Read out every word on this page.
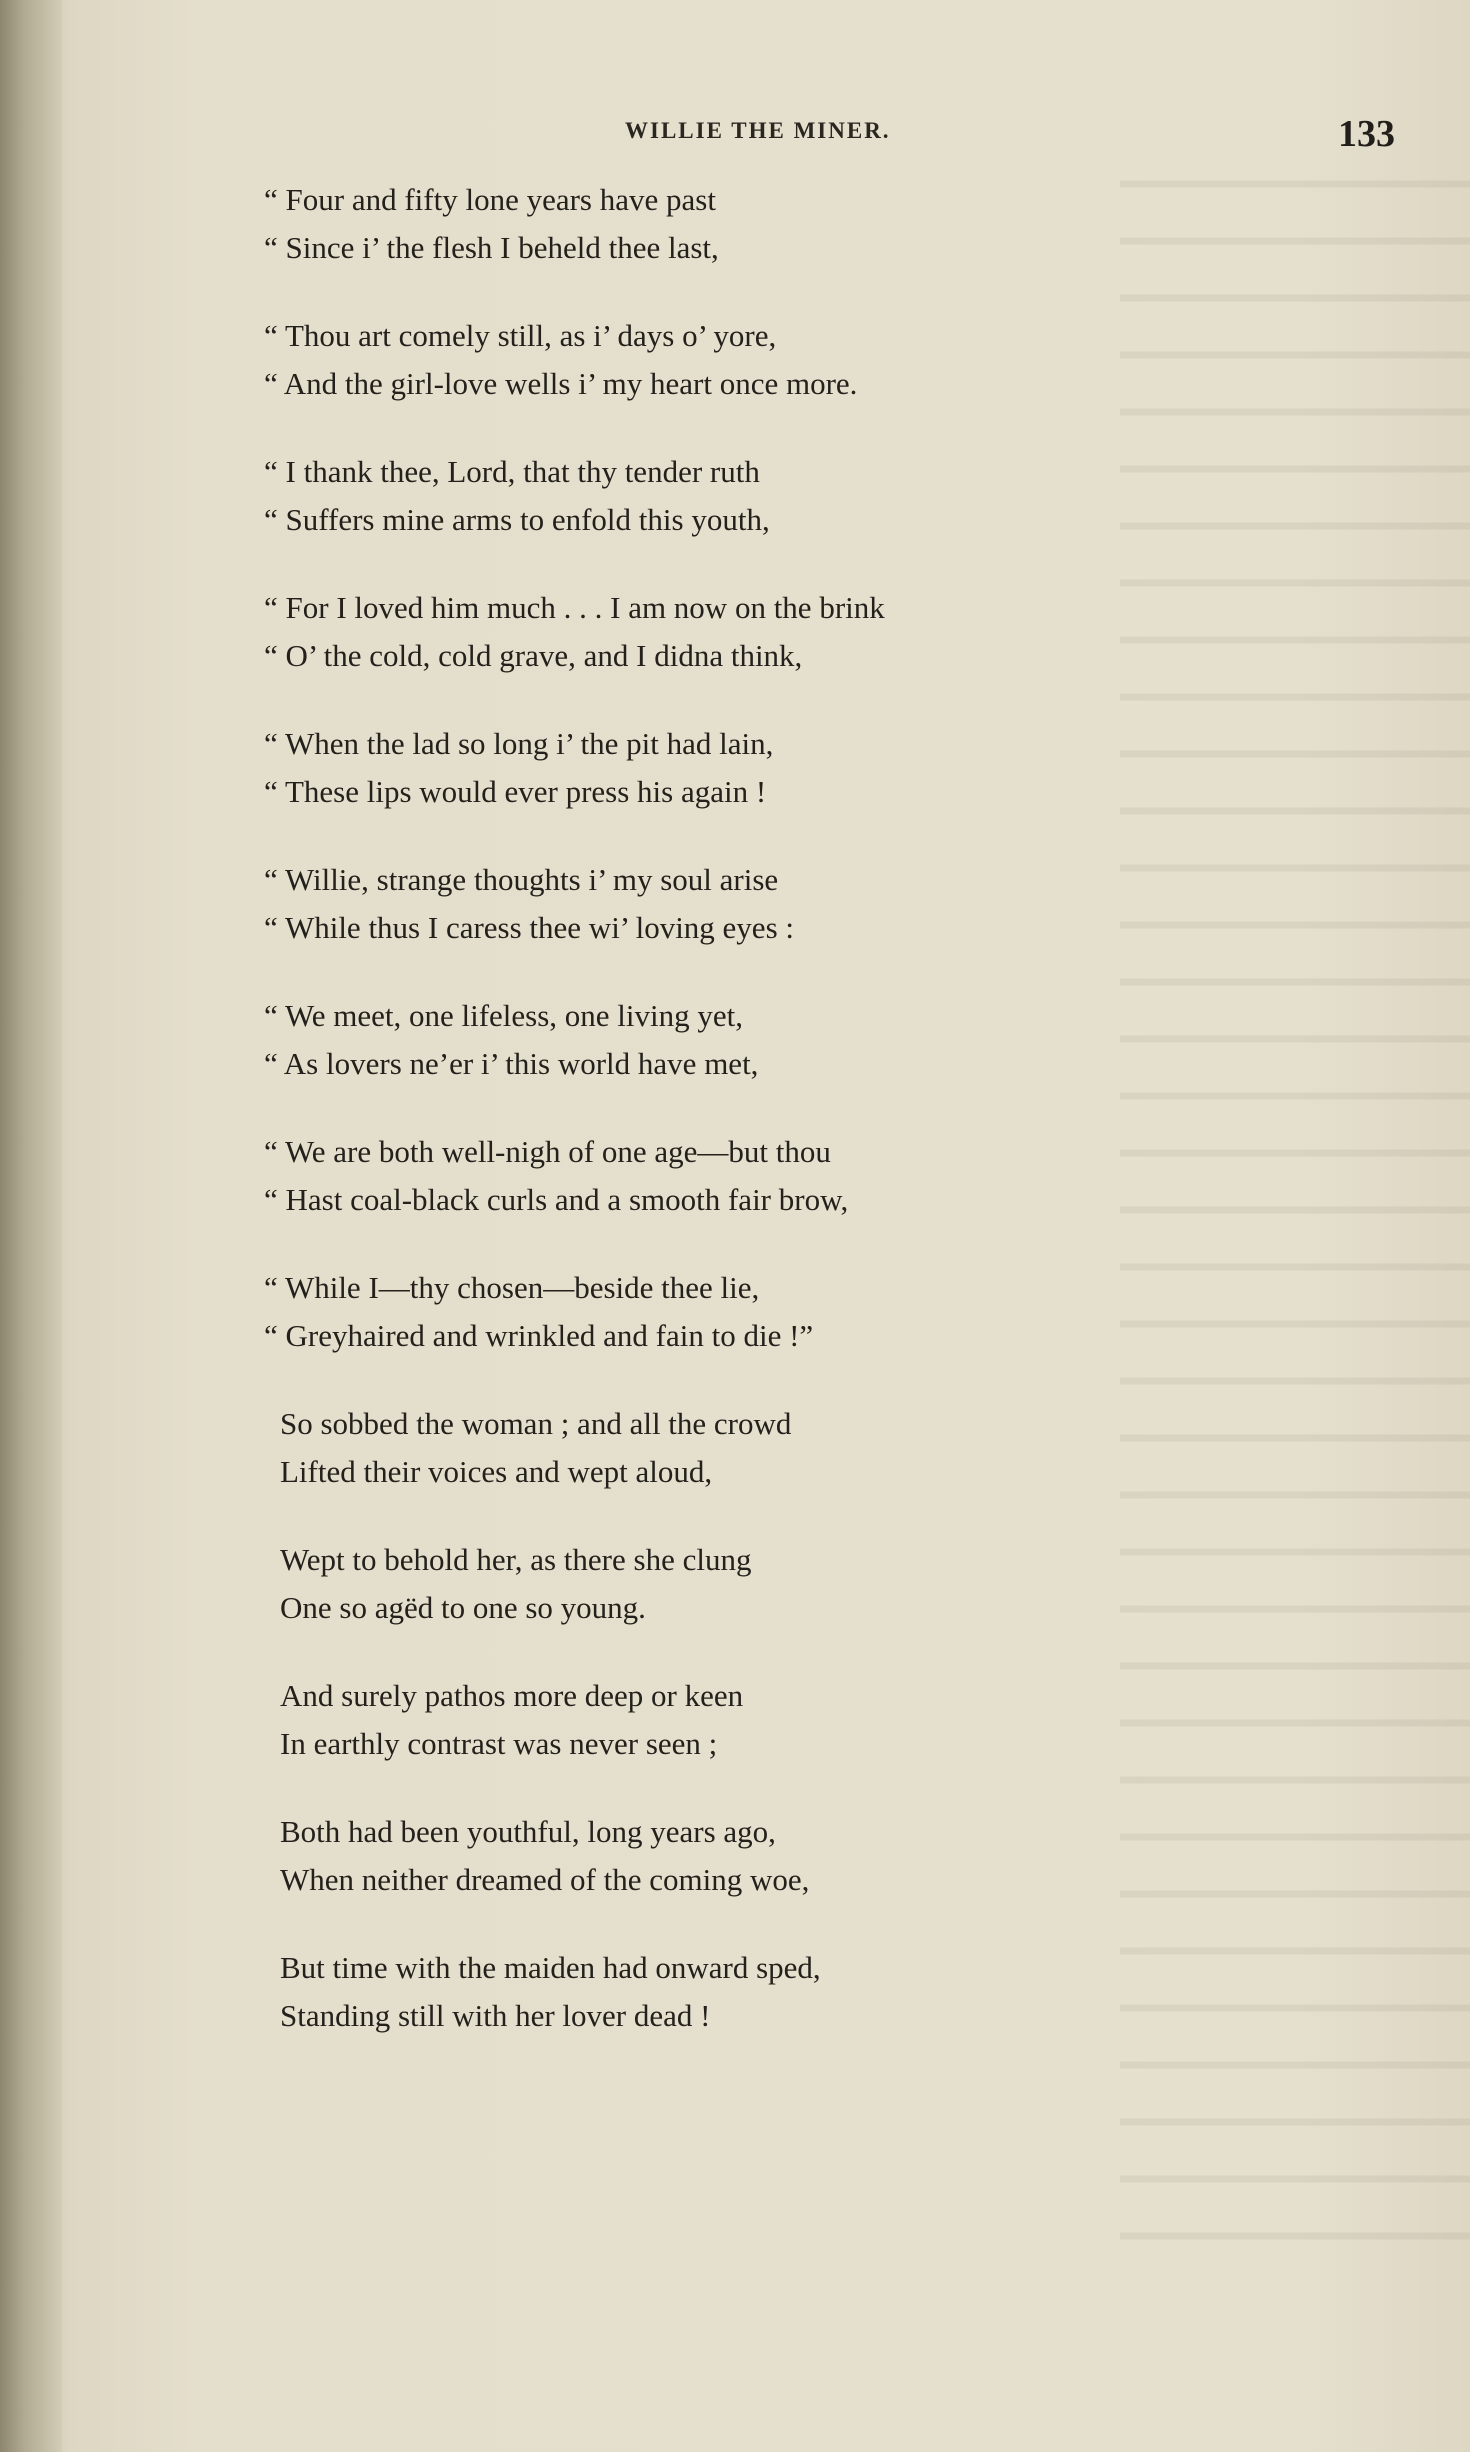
WILLIE THE MINER.	133
“ Four and fifty lone years have past
“ Since i’ the flesh I beheld thee last,
“ Thou art comely still, as i’ days o’ yore,
“ And the girl-love wells i’ my heart once more.
“ I thank thee, Lord, that thy tender ruth
“ Suffers mine arms to enfold this youth,
“ For I loved him much . . . I am now on the brink
“ O’ the cold, cold grave, and I didna think,
“ When the lad so long i’ the pit had lain,
“ These lips would ever press his again !
“ Willie, strange thoughts i’ my soul arise
“ While thus I caress thee wi’ loving eyes :
“ We meet, one lifeless, one living yet,
“ As lovers ne’er i’ this world have met,
“ We are both well-nigh of one age—but thou
“ Hast coal-black curls and a smooth fair brow,
“ While I—thy chosen—beside thee lie,
“ Greyhaired and wrinkled and fain to die !”
So sobbed the woman ; and all the crowd
Lifted their voices and wept aloud,
Wept to behold her, as there she clung
One so agëd to one so young.
And surely pathos more deep or keen
In earthly contrast was never seen ;
Both had been youthful, long years ago,
When neither dreamed of the coming woe,
But time with the maiden had onward sped,
Standing still with her lover dead !
